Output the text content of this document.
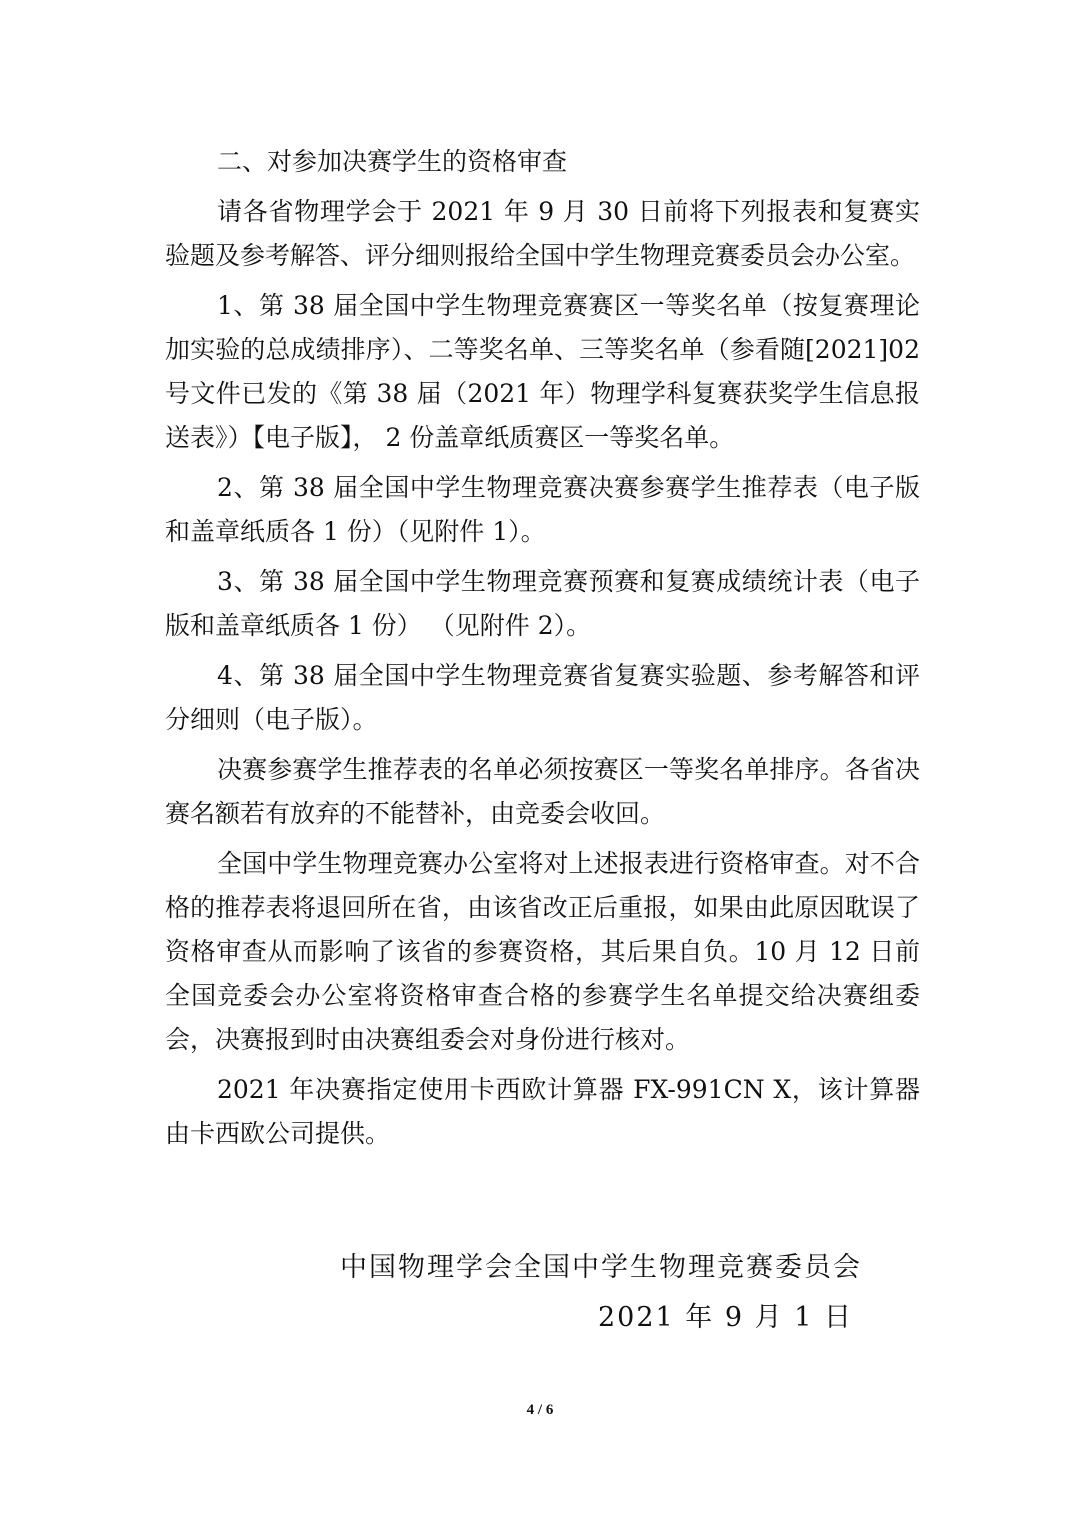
二、对参加决赛学生的资格审查

请各省物理学会于 2021 年 9 月 30 日前将下列报表和复赛实验题及参考解答、评分细则报给全国中学生物理竞赛委员会办公室。

1、第 38 届全国中学生物理竞赛赛区一等奖名单（按复赛理论加实验的总成绩排序）、二等奖名单、三等奖名单（参看随[2021]02 号文件已发的《第 38 届（2021 年）物理学科复赛获奖学生信息报送表》）【电子版】， 2 份盖章纸质赛区一等奖名单。

2、第 38 届全国中学生物理竞赛决赛参赛学生推荐表（电子版和盖章纸质各 1 份）（见附件 1）。

3、第 38 届全国中学生物理竞赛预赛和复赛成绩统计表（电子版和盖章纸质各 1 份） （见附件 2）。

4、第 38 届全国中学生物理竞赛省复赛实验题、参考解答和评分细则（电子版）。

决赛参赛学生推荐表的名单必须按赛区一等奖名单排序。各省决赛名额若有放弃的不能替补，由竞委会收回。

全国中学生物理竞赛办公室将对上述报表进行资格审查。对不合格的推荐表将退回所在省，由该省改正后重报，如果由此原因耽误了资格审查从而影响了该省的参赛资格，其后果自负。10 月 12 日前全国竞委会办公室将资格审查合格的参赛学生名单提交给决赛组委会，决赛报到时由决赛组委会对身份进行核对。

2021 年决赛指定使用卡西欧计算器 FX-991CN X，该计算器由卡西欧公司提供。

中国物理学会全国中学生物理竞赛委员会
2021 年 9 月 1 日
4 / 6
